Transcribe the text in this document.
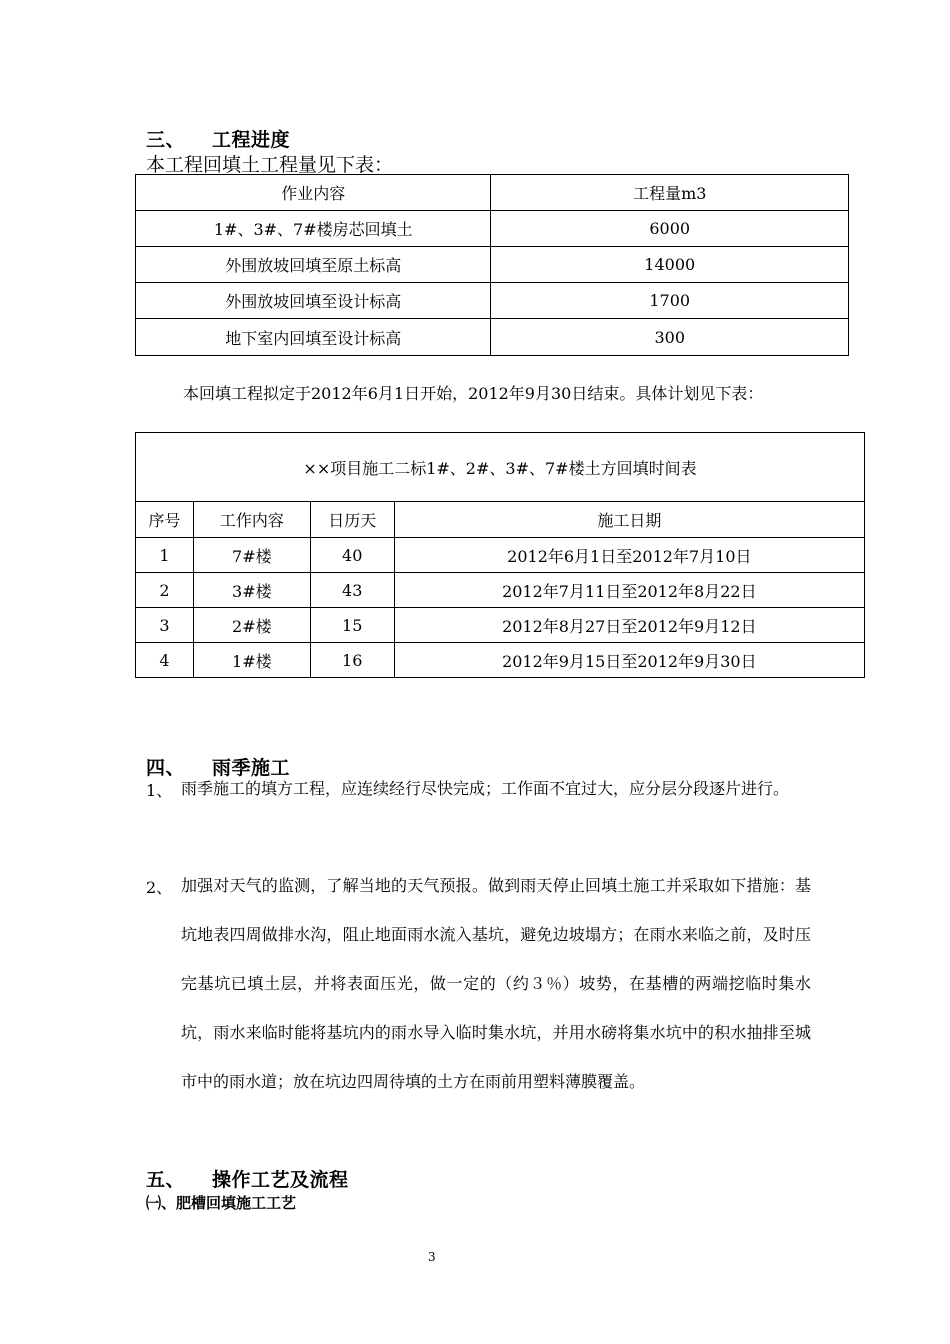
三、 工程进度
本工程回填土工程量见下表：
作业内容	工程量m3
1#、3#、7#楼房芯回填土	6000
外围放坡回填至原土标高	14000
外围放坡回填至设计标高	1700
地下室内回填至设计标高	300
本回填工程拟定于2012年6月1日开始，2012年9月30日结束。具体计划见下表：
××项目施工二标1#、2#、3#、7#楼土方回填时间表			
序号	工作内容	日历天	施工日期
1	7#楼	40	2012年6月1日至2012年7月10日
2	3#楼	43	2012年7月11日至2012年8月22日
3	2#楼	15	2012年8月27日至2012年9月12日
4	1#楼	16	2012年9月15日至2012年9月30日
四、 雨季施工
1、 雨季施工的填方工程，应连续经行尽快完成；工作面不宜过大，应分层分段逐片进行。
2、 加强对天气的监测，了解当地的天气预报。做到雨天停止回填土施工并采取如下措施：基坑地表四周做排水沟，阻止地面雨水流入基坑，避免边坡塌方；在雨水来临之前，及时压完基坑已填土层，并将表面压光，做一定的（约３％）坡势，在基槽的两端挖临时集水坑，雨水来临时能将基坑内的雨水导入临时集水坑，并用水磅将集水坑中的积水抽排至城市中的雨水道；放在坑边四周待填的土方在雨前用塑料薄膜覆盖。
五、 操作工艺及流程
㈠、肥槽回填施工工艺
3
